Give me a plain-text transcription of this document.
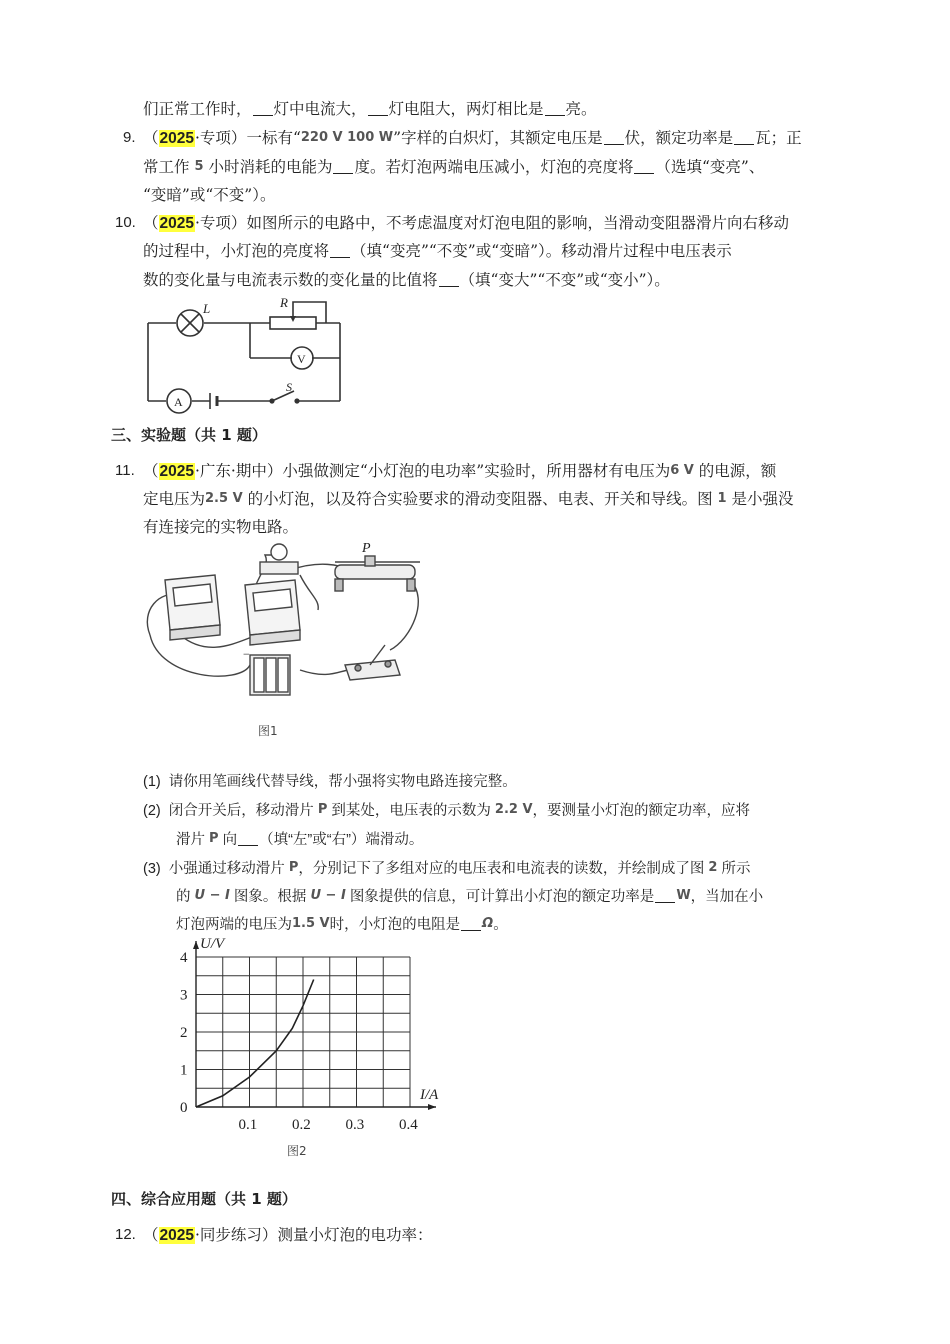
们正常工作时， 灯中电流大， 灯电阻大，两灯相比是 亮。
9. （2025·专项）一标有“220 V 100 W”字样的白炽灯，其额定电压是 伏，额定功率是 瓦；正
常工作 5 小时消耗的电能为 度。若灯泡两端电压减小，灯泡的亮度将 （选填“变亮”、
“变暗”或“不变”）。
10. （2025·专项）如图所示的电路中，不考虑温度对灯泡电阻的影响，当滑动变阻器滑片向右移动
的过程中，小灯泡的亮度将 （填“变亮”“不变”或“变暗”）。移动滑片过程中电压表示
数的变化量与电流表示数的变化量的比值将 （填“变大”“不变”或“变小”）。
L	R
V
A
S
三、实验题（共 1 题）
11. （2025·广东·期中）小强做测定“小灯泡的电功率”实验时，所用器材有电压为6 V 的电源，额
定电压为2.5 V 的小灯泡，以及符合实验要求的滑动变阻器、电表、开关和导线。图 1 是小强没
有连接完的实物电路。
P
−
图1
(1) 请你用笔画线代替导线，帮小强将实物电路连接完整。
(2) 闭合开关后，移动滑片 P 到某处，电压表的示数为 2.2 V，要测量小灯泡的额定功率，应将
滑片 P 向 （填“左”或“右”）端滑动。
(3) 小强通过移动滑片 P，分别记下了多组对应的电压表和电流表的读数，并绘制成了图 2 所示
的 U − I 图象。根据 U − I 图象提供的信息，可计算出小灯泡的额定功率是 W，当加在小
灯泡两端的电压为1.5 V时，小灯泡的电阻是 Ω。
0
1
2
3
4
0.1 0.2 0.3 0.4
U/V
I/A
图2
四、综合应用题（共 1 题）
12. （2025·同步练习）测量小灯泡的电功率：
